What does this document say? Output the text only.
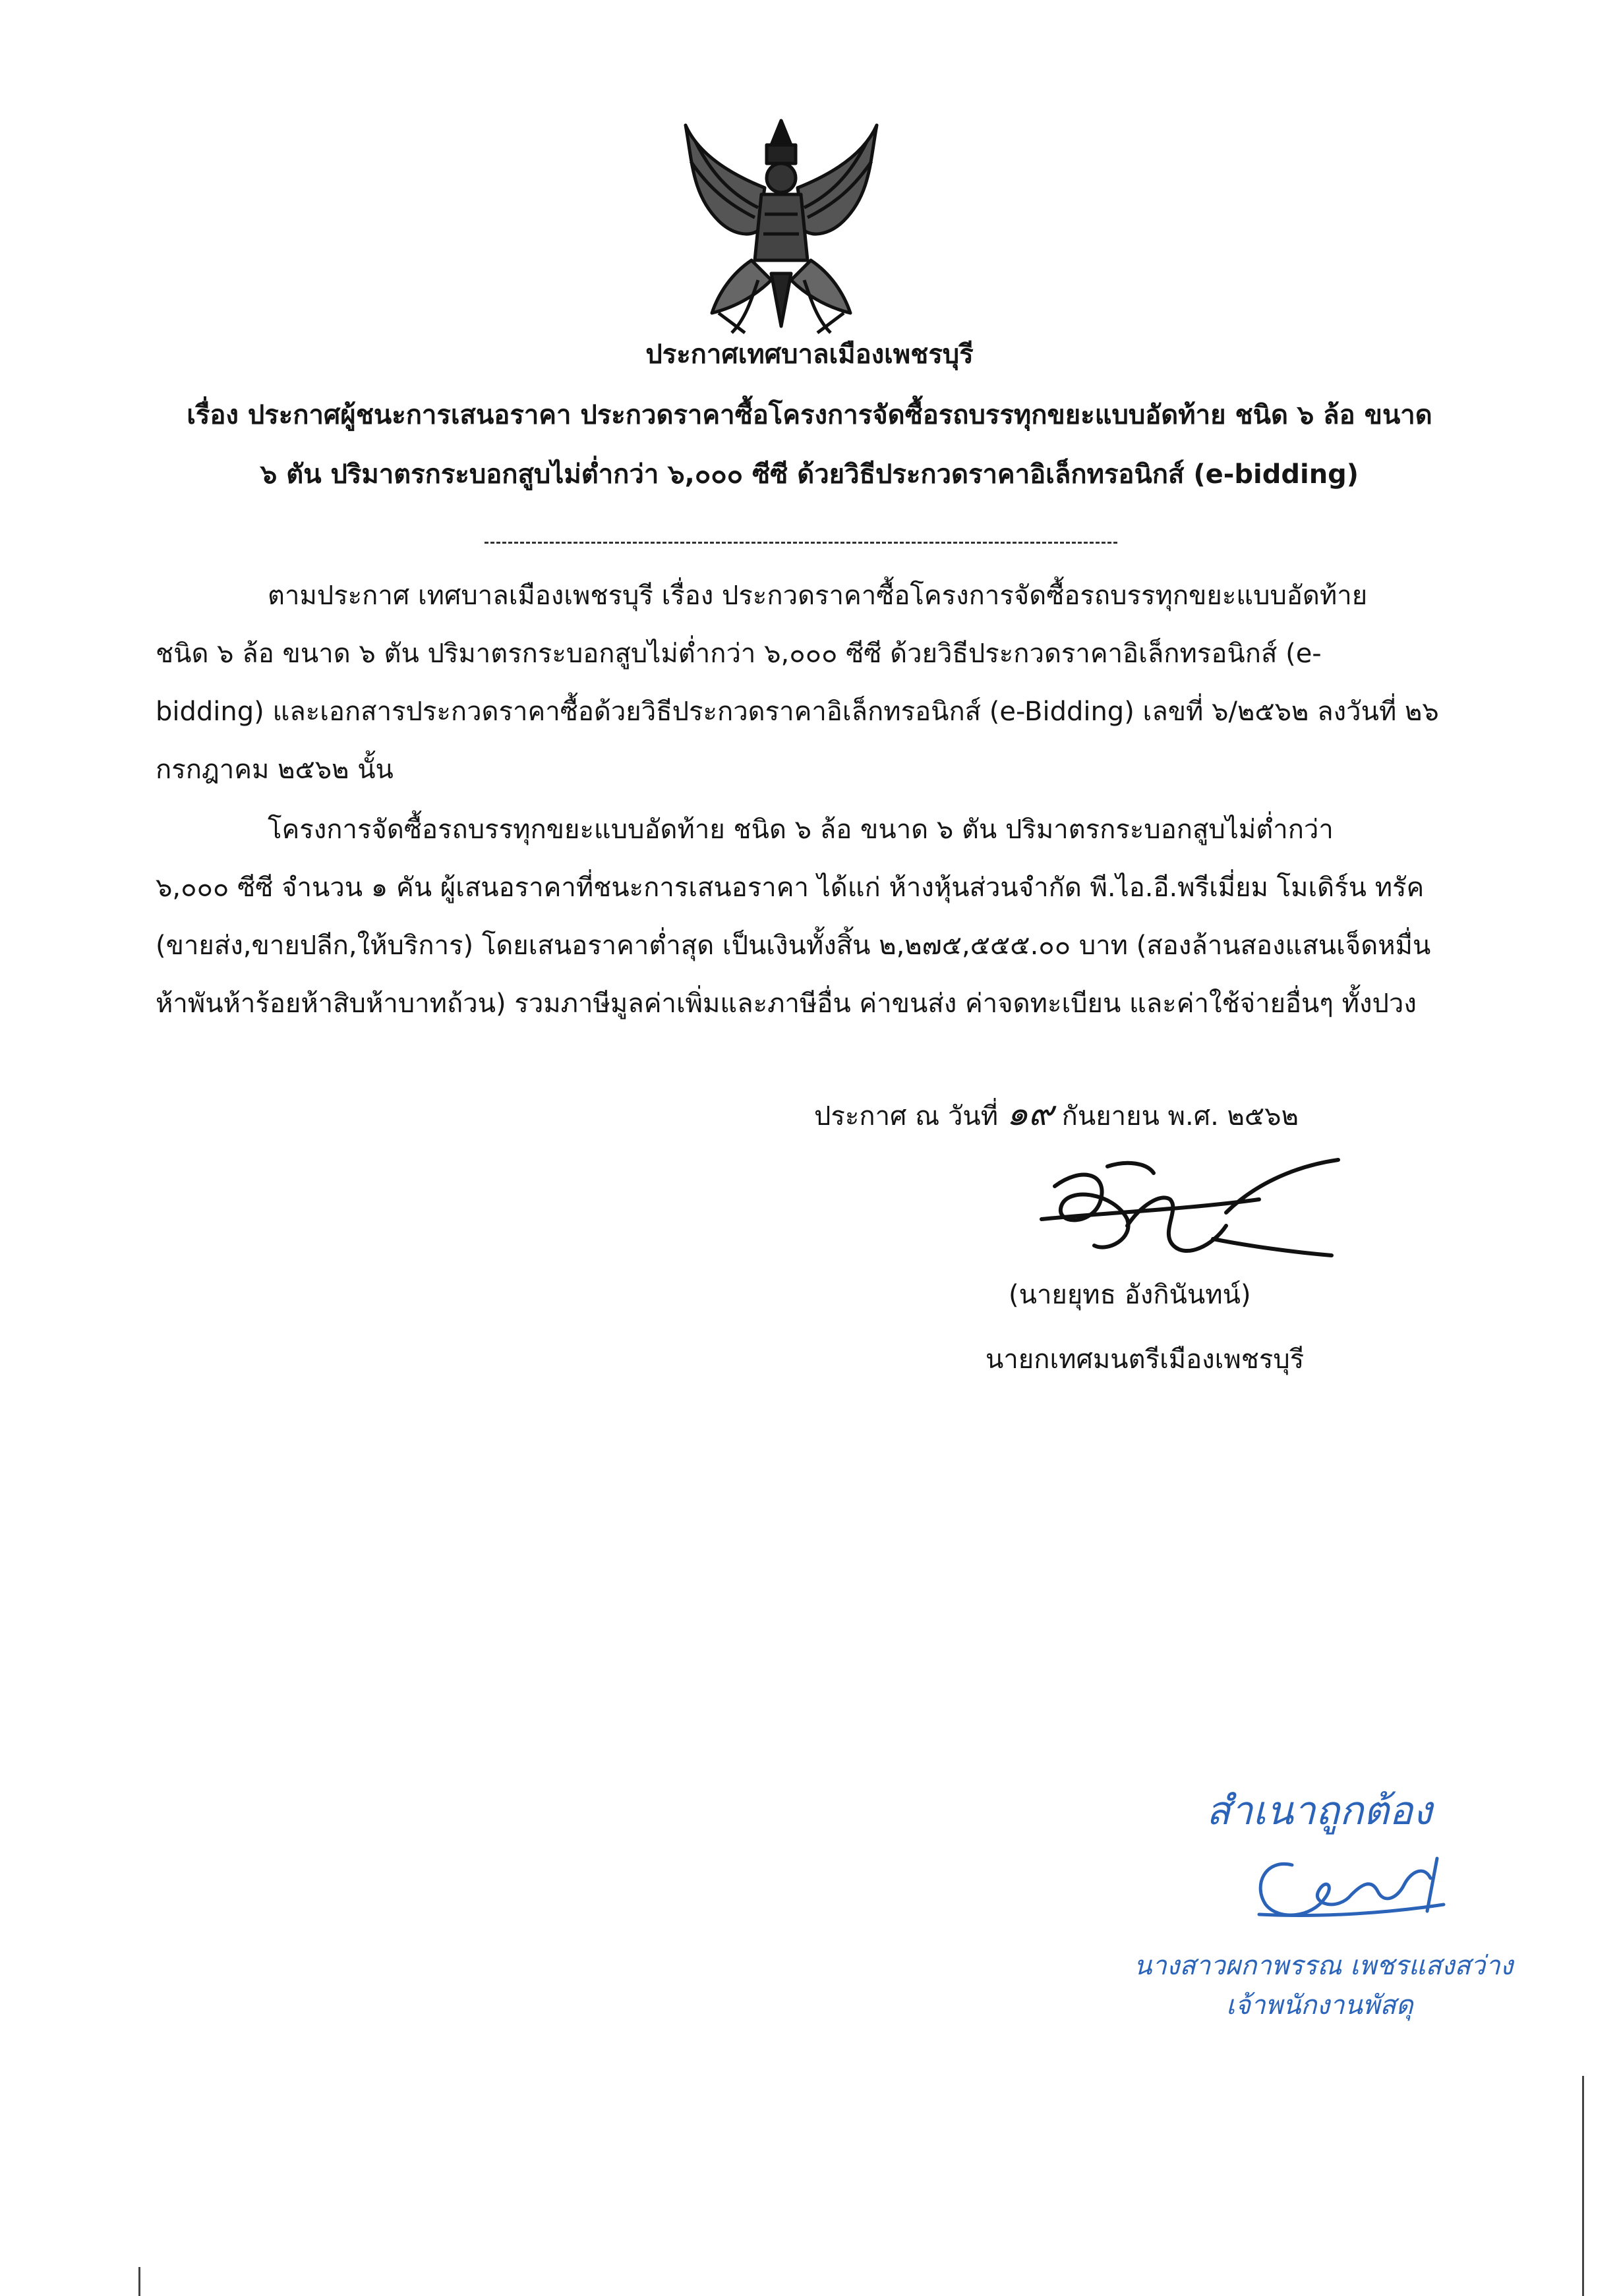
ประกาศเทศบาลเมืองเพชรบุรี
เรื่อง ประกาศผู้ชนะการเสนอราคา ประกวดราคาซื้อโครงการจัดซื้อรถบรรทุกขยะแบบอัดท้าย ชนิด ๖ ล้อ ขนาด
๖ ตัน ปริมาตรกระบอกสูบไม่ต่ำกว่า ๖,๐๐๐ ซีซี ด้วยวิธีประกวดราคาอิเล็กทรอนิกส์ (e-bidding)
ตามประกาศ เทศบาลเมืองเพชรบุรี เรื่อง ประกวดราคาซื้อโครงการจัดซื้อรถบรรทุกขยะแบบอัดท้าย
ชนิด ๖ ล้อ ขนาด ๖ ตัน ปริมาตรกระบอกสูบไม่ต่ำกว่า ๖,๐๐๐ ซีซี ด้วยวิธีประกวดราคาอิเล็กทรอนิกส์ (e-
bidding) และเอกสารประกวดราคาซื้อด้วยวิธีประกวดราคาอิเล็กทรอนิกส์ (e-Bidding) เลขที่ ๖/๒๕๖๒ ลงวันที่ ๒๖
กรกฎาคม ๒๕๖๒ นั้น
โครงการจัดซื้อรถบรรทุกขยะแบบอัดท้าย ชนิด ๖ ล้อ ขนาด ๖ ตัน ปริมาตรกระบอกสูบไม่ต่ำกว่า
๖,๐๐๐ ซีซี จำนวน ๑ คัน ผู้เสนอราคาที่ชนะการเสนอราคา ได้แก่ ห้างหุ้นส่วนจำกัด พี.ไอ.อี.พรีเมี่ยม โมเดิร์น ทรัค
(ขายส่ง,ขายปลีก,ให้บริการ) โดยเสนอราคาต่ำสุด เป็นเงินทั้งสิ้น ๒,๒๗๕,๕๕๕.๐๐ บาท (สองล้านสองแสนเจ็ดหมื่น
ห้าพันห้าร้อยห้าสิบห้าบาทถ้วน) รวมภาษีมูลค่าเพิ่มและภาษีอื่น ค่าขนส่ง ค่าจดทะเบียน และค่าใช้จ่ายอื่นๆ ทั้งปวง
ประกาศ ณ วันที่ ๑๙ กันยายน พ.ศ. ๒๕๖๒
(นายยุทธ อังกินันทน์)
นายกเทศมนตรีเมืองเพชรบุรี
สำเนาถูกต้อง
นางสาวผกาพรรณ เพชรแสงสว่าง
เจ้าพนักงานพัสดุ
